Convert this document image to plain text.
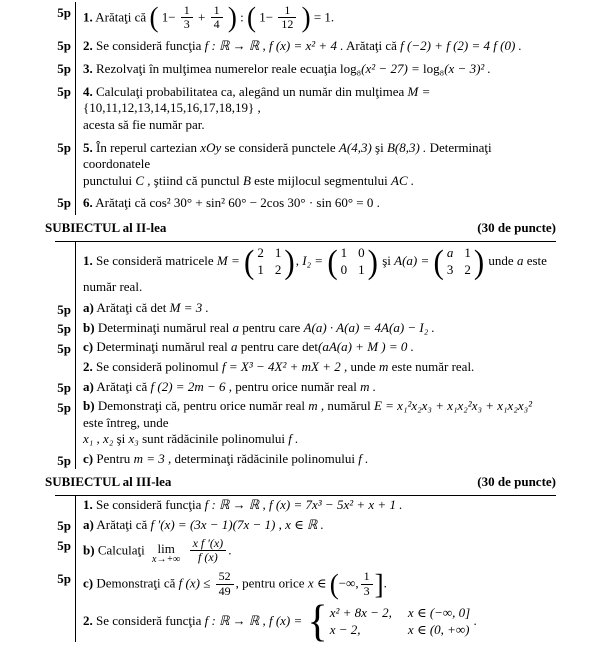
5p 1. Arătaţi că ( $1- \frac{1}{3} + \frac{1}{4}$ ) : ( $1- \frac{1}{12}$ ) = 1.
5p 2. Se consideră funcţia f : ℝ → ℝ , f (x) = x² + 4 . Arătaţi că f (−2) + f (2) = 4 f (0) .
5p 3. Rezolvaţi în mulţimea numerelor reale ecuaţia log₈(x² − 27) = log₈(x − 3)² .
5p 4. Calculaţi probabilitatea ca, alegând un număr din mulţimea M = {10,11,12,13,14,15,16,17,18,19} ,
acesta să fie număr par.
5p 5. În reperul cartezian xOy se consideră punctele A(4,3) şi B(8,3) . Determinaţi coordonatele
punctului C , ştiind că punctul B este mijlocul segmentului AC .
5p 6. Arătaţi că cos² 30° + sin² 60° − 2cos 30° · sin 60° = 0 .
SUBIECTUL al II-lea	(30 de puncte)
1. Se consideră matricele M = ( 2 1
1 2 ) , I₂ = ( 1 0
0 1 ) şi A(a) = ( a 1
3 2 ) unde a este număr real.
5p a) Arătaţi că det M = 3 .
5p b) Determinaţi numărul real a pentru care A(a) · A(a) = 4A(a) − I₂ .
5p c) Determinaţi numărul real a pentru care det(aA(a) + M ) = 0 .
2. Se consideră polinomul f = X³ − 4X² + mX + 2 , unde m este număr real.
5p a) Arătaţi că f (2) = 2m − 6 , pentru orice număr real m .
5p b) Demonstraţi că, pentru orice număr real m , numărul E = x₁²x₂x₃ + x₁x₂²x₃ + x₁x₂x₃² este întreg, unde
x₁ , x₂ şi x₃ sunt rădăcinile polinomului f .
5p c) Pentru m = 3 , determinaţi rădăcinile polinomului f .
SUBIECTUL al III-lea	(30 de puncte)
1. Se consideră funcţia f : ℝ → ℝ , f (x) = 7x³ − 5x² + x + 1 .
5p a) Arătaţi că f ′(x) = (3x − 1)(7x − 1) , x ∈ ℝ .
5p b) Calculaţi lim
x→+∞
$\frac{\text{x f ′(x)}}{f (x)}$ .
5p c) Demonstraţi că f $(x) \le \frac{52}{49}$ , pentru orice x ∈ (−∞, $\frac{1}{3}$ ].
2. Se consideră funcţia f : ℝ → ℝ , f (x) = { x² + 8x − 2, x ∈ (−∞, 0]
x − 2,	x ∈ (0, +∞)
.
